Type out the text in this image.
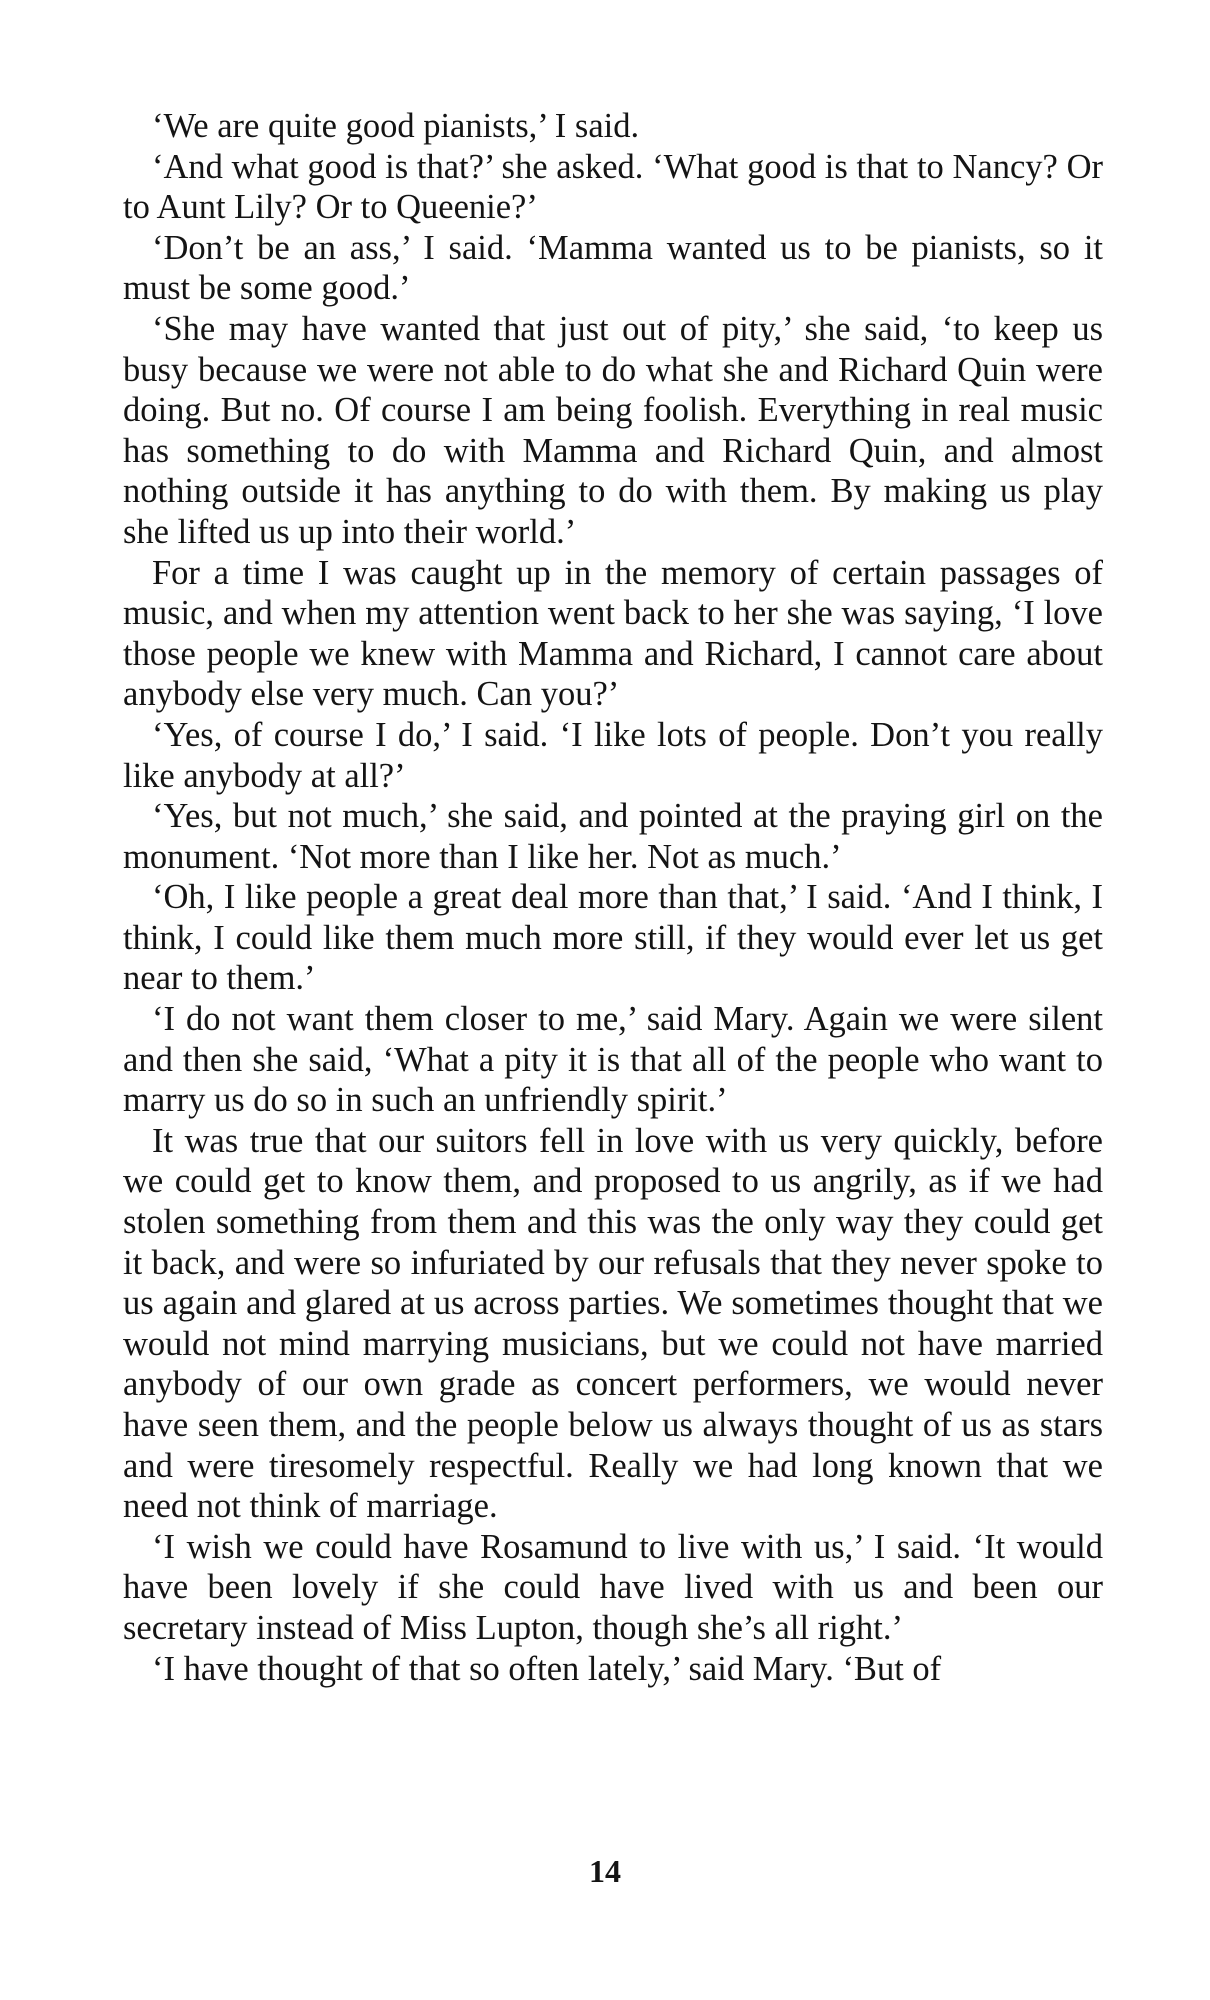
‘We are quite good pianists,’ I said.

‘And what good is that?’ she asked. ‘What good is that to Nancy? Or to Aunt Lily? Or to Queenie?’

‘Don’t be an ass,’ I said. ‘Mamma wanted us to be pianists, so it must be some good.’

‘She may have wanted that just out of pity,’ she said, ‘to keep us busy because we were not able to do what she and Richard Quin were doing. But no. Of course I am being foolish. Everything in real music has something to do with Mamma and Richard Quin, and almost nothing outside it has anything to do with them. By making us play she lifted us up into their world.’

For a time I was caught up in the memory of certain passages of music, and when my attention went back to her she was saying, ‘I love those people we knew with Mamma and Richard, I cannot care about anybody else very much. Can you?’

‘Yes, of course I do,’ I said. ‘I like lots of people. Don’t you really like anybody at all?’

‘Yes, but not much,’ she said, and pointed at the praying girl on the monument. ‘Not more than I like her. Not as much.’

‘Oh, I like people a great deal more than that,’ I said. ‘And I think, I think, I could like them much more still, if they would ever let us get near to them.’

‘I do not want them closer to me,’ said Mary. Again we were silent and then she said, ‘What a pity it is that all of the people who want to marry us do so in such an unfriendly spirit.’

It was true that our suitors fell in love with us very quickly, before we could get to know them, and proposed to us angrily, as if we had stolen something from them and this was the only way they could get it back, and were so infuriated by our refusals that they never spoke to us again and glared at us across parties. We sometimes thought that we would not mind marrying musicians, but we could not have married anybody of our own grade as concert performers, we would never have seen them, and the people below us always thought of us as stars and were tiresomely respectful. Really we had long known that we need not think of marriage.

‘I wish we could have Rosamund to live with us,’ I said. ‘It would have been lovely if she could have lived with us and been our secretary instead of Miss Lupton, though she’s all right.’

‘I have thought of that so often lately,’ said Mary. ‘But of

14
